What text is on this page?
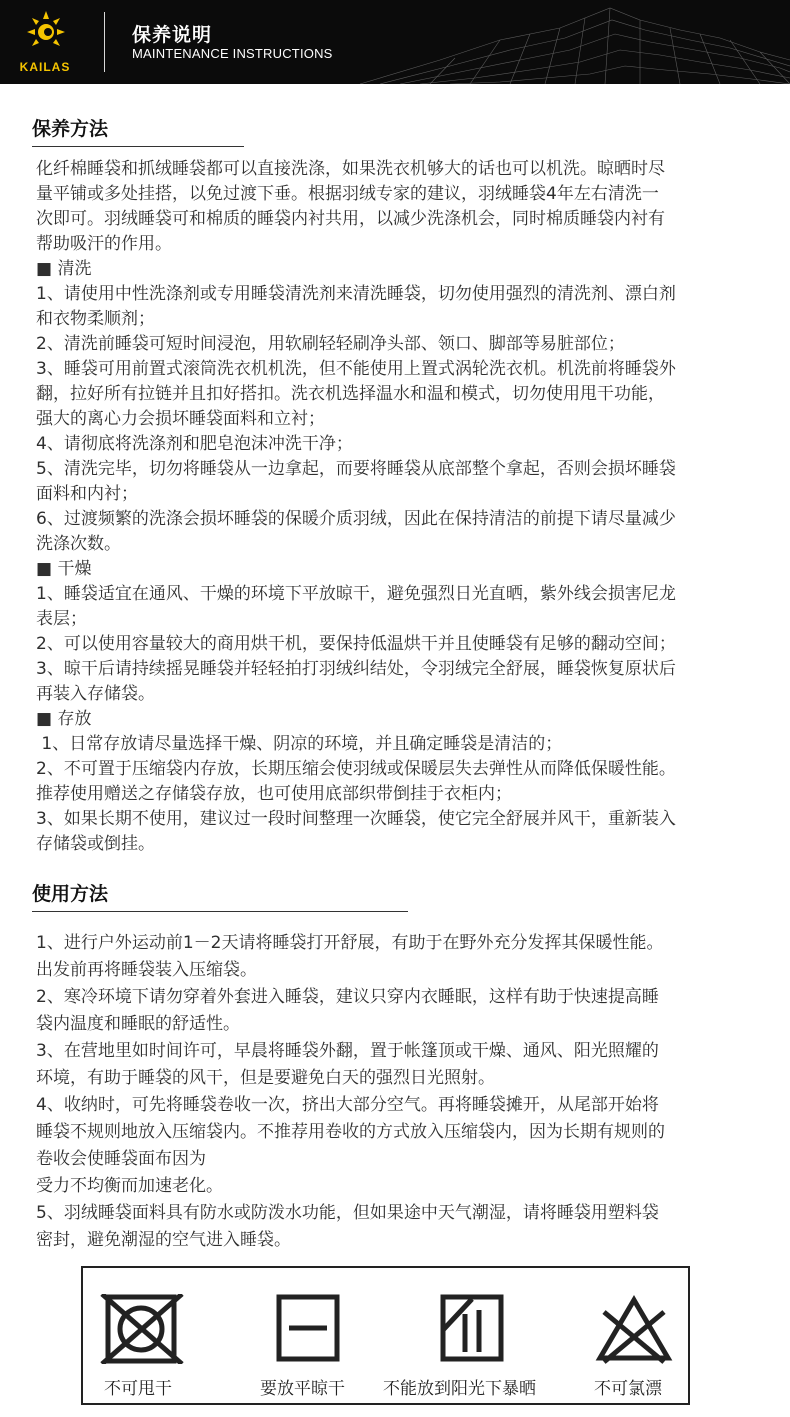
KAILAS
保养说明
MAINTENANCE INSTRUCTIONS
保养方法
化纤棉睡袋和抓绒睡袋都可以直接洗涤，如果洗衣机够大的话也可以机洗。晾晒时尽
量平铺或多处挂搭，以免过渡下垂。根据羽绒专家的建议，羽绒睡袋4年左右清洗一
次即可。羽绒睡袋可和棉质的睡袋内衬共用，以减少洗涤机会，同时棉质睡袋内衬有
帮助吸汗的作用。
■ 清洗
1、请使用中性洗涤剂或专用睡袋清洗剂来清洗睡袋，切勿使用强烈的清洗剂、漂白剂
和衣物柔顺剂；
2、清洗前睡袋可短时间浸泡，用软刷轻轻刷净头部、领口、脚部等易脏部位；
3、睡袋可用前置式滚筒洗衣机机洗，但不能使用上置式涡轮洗衣机。机洗前将睡袋外
翻，拉好所有拉链并且扣好搭扣。洗衣机选择温水和温和模式，切勿使用甩干功能，
强大的离心力会损坏睡袋面料和立衬；
4、请彻底将洗涤剂和肥皂泡沫冲洗干净；
5、清洗完毕，切勿将睡袋从一边拿起，而要将睡袋从底部整个拿起，否则会损坏睡袋
面料和内衬；
6、过渡频繁的洗涤会损坏睡袋的保暖介质羽绒，因此在保持清洁的前提下请尽量减少
洗涤次数。
■ 干燥
1、睡袋适宜在通风、干燥的环境下平放晾干，避免强烈日光直晒，紫外线会损害尼龙
表层；
2、可以使用容量较大的商用烘干机，要保持低温烘干并且使睡袋有足够的翻动空间；
3、晾干后请持续摇晃睡袋并轻轻拍打羽绒纠结处，令羽绒完全舒展，睡袋恢复原状后
再装入存储袋。
■ 存放
1、日常存放请尽量选择干燥、阴凉的环境，并且确定睡袋是清洁的；
2、不可置于压缩袋内存放，长期压缩会使羽绒或保暖层失去弹性从而降低保暖性能。
推荐使用赠送之存储袋存放，也可使用底部织带倒挂于衣柜内；
3、如果长期不使用，建议过一段时间整理一次睡袋，使它完全舒展并风干，重新装入
存储袋或倒挂。
使用方法
1、进行户外运动前1－2天请将睡袋打开舒展，有助于在野外充分发挥其保暖性能。
出发前再将睡袋装入压缩袋。
2、寒冷环境下请勿穿着外套进入睡袋，建议只穿内衣睡眠，这样有助于快速提高睡
袋内温度和睡眠的舒适性。
3、在营地里如时间许可，早晨将睡袋外翻，置于帐篷顶或干燥、通风、阳光照耀的
环境，有助于睡袋的风干，但是要避免白天的强烈日光照射。
4、收纳时，可先将睡袋卷收一次，挤出大部分空气。再将睡袋摊开，从尾部开始将
睡袋不规则地放入压缩袋内。不推荐用卷收的方式放入压缩袋内，因为长期有规则的
卷收会使睡袋面布因为
受力不均衡而加速老化。
5、羽绒睡袋面料具有防水或防泼水功能，但如果途中天气潮湿，请将睡袋用塑料袋
密封，避免潮湿的空气进入睡袋。
不可甩干	要放平晾干 不能放到阳光下暴晒	不可氯漂
